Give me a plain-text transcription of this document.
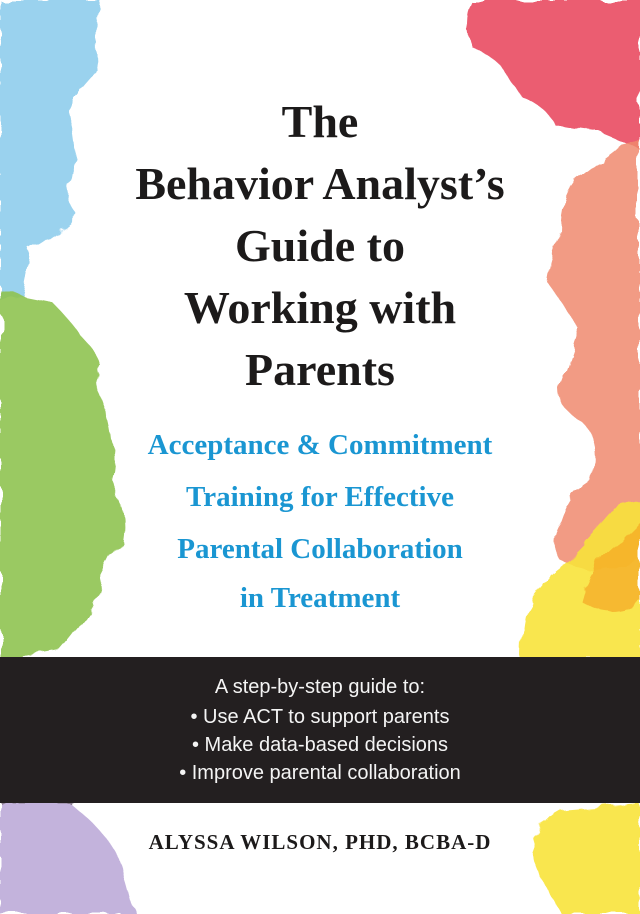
The
Behavior Analyst’s
Guide to
Working with
Parents
Acceptance & Commitment
Training for Effective
Parental Collaboration
in Treatment
A step-by-step guide to:
• Use ACT to support parents
• Make data-based decisions
• Improve parental collaboration
ALYSSA WILSON, PHD, BCBA-D
